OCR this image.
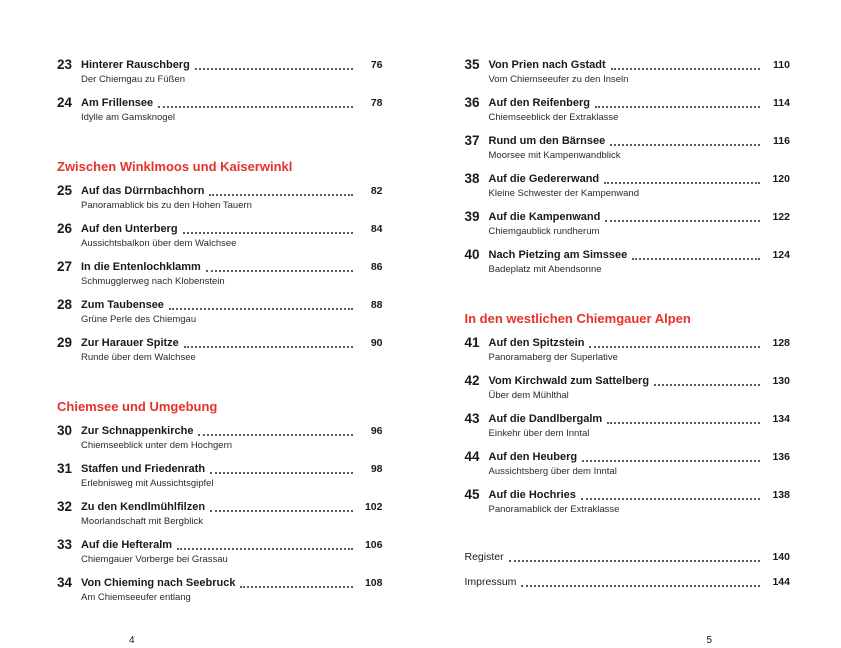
23 Hinterer Rauschberg	76
Der Chiemgau zu Füßen
24 Am Frillensee	78
Idylle am Gamsknogel
Zwischen Winklmoos und Kaiserwinkl
25 Auf das Dürrnbachhorn	82
Panoramablick bis zu den Hohen Tauern
26 Auf den Unterberg	84
Aussichtsbalkon über dem Walchsee
27 In die Entenlochklamm	86
Schmugglerweg nach Klobenstein
28 Zum Taubensee	88
Grüne Perle des Chiemgau
29 Zur Harauer Spitze	90
Runde über dem Walchsee
Chiemsee und Umgebung
30 Zur Schnappenkirche	96
Chiemseeblick unter dem Hochgern
31 Staffen und Friedenrath	98
Erlebnisweg mit Aussichtsgipfel
32 Zu den Kendlmühlfilzen	102
Moorlandschaft mit Bergblick
33 Auf die Hefteralm	106
Chiemgauer Vorberge bei Grassau
34 Von Chieming nach Seebruck	108
Am Chiemseeufer entlang
4
35 Von Prien nach Gstadt	110
Vom Chiemseeufer zu den Inseln
36 Auf den Reifenberg	114
Chiemseeblick der Extraklasse
37 Rund um den Bärnsee	116
Moorsee mit Kampenwandblick
38 Auf die Gedererwand	120
Kleine Schwester der Kampenwand
39 Auf die Kampenwand	122
Chiemgaublick rundherum
40 Nach Pietzing am Simssee	124
Badeplatz mit Abendsonne
In den westlichen Chiemgauer Alpen
41 Auf den Spitzstein	128
Panoramaberg der Superlative
42 Vom Kirchwald zum Sattelberg	130
Über dem Mühlthal
43 Auf die Dandlbergalm	134
Einkehr über dem Inntal
44 Auf den Heuberg	136
Aussichtsberg über dem Inntal
45 Auf die Hochries	138
Panoramablick der Extraklasse
Register	140
Impressum	144
5
